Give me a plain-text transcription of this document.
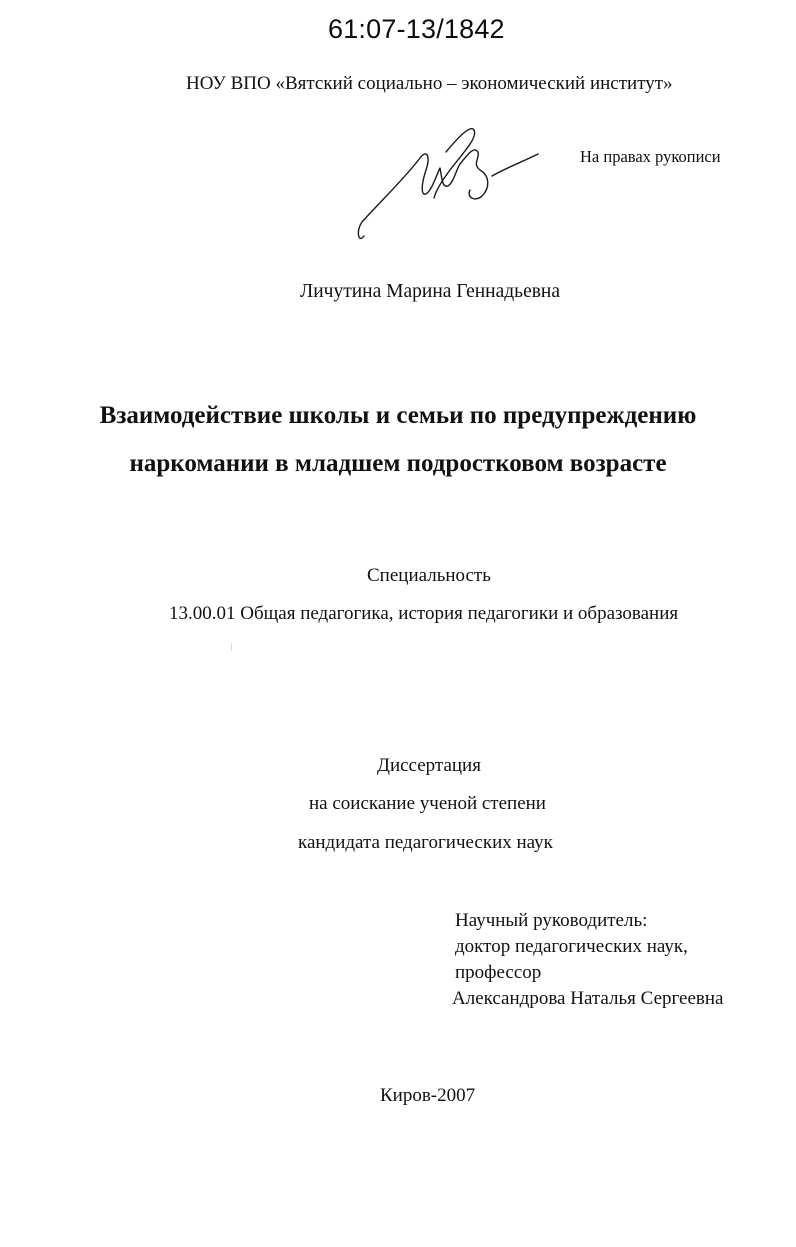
61:07-13/1842
НОУ ВПО «Вятский социально – экономический институт»
На правах рукописи
Личутина Марина Геннадьевна
Взаимодействие школы и семьи по предупреждению
наркомании в младшем подростковом возрасте
Специальность
13.00.01 Общая педагогика, история педагогики и образования
Диссертация
на соискание ученой степени
кандидата педагогических наук
Научный руководитель:
доктор педагогических наук,
профессор
Александрова Наталья Сергеевна
Киров-2007
